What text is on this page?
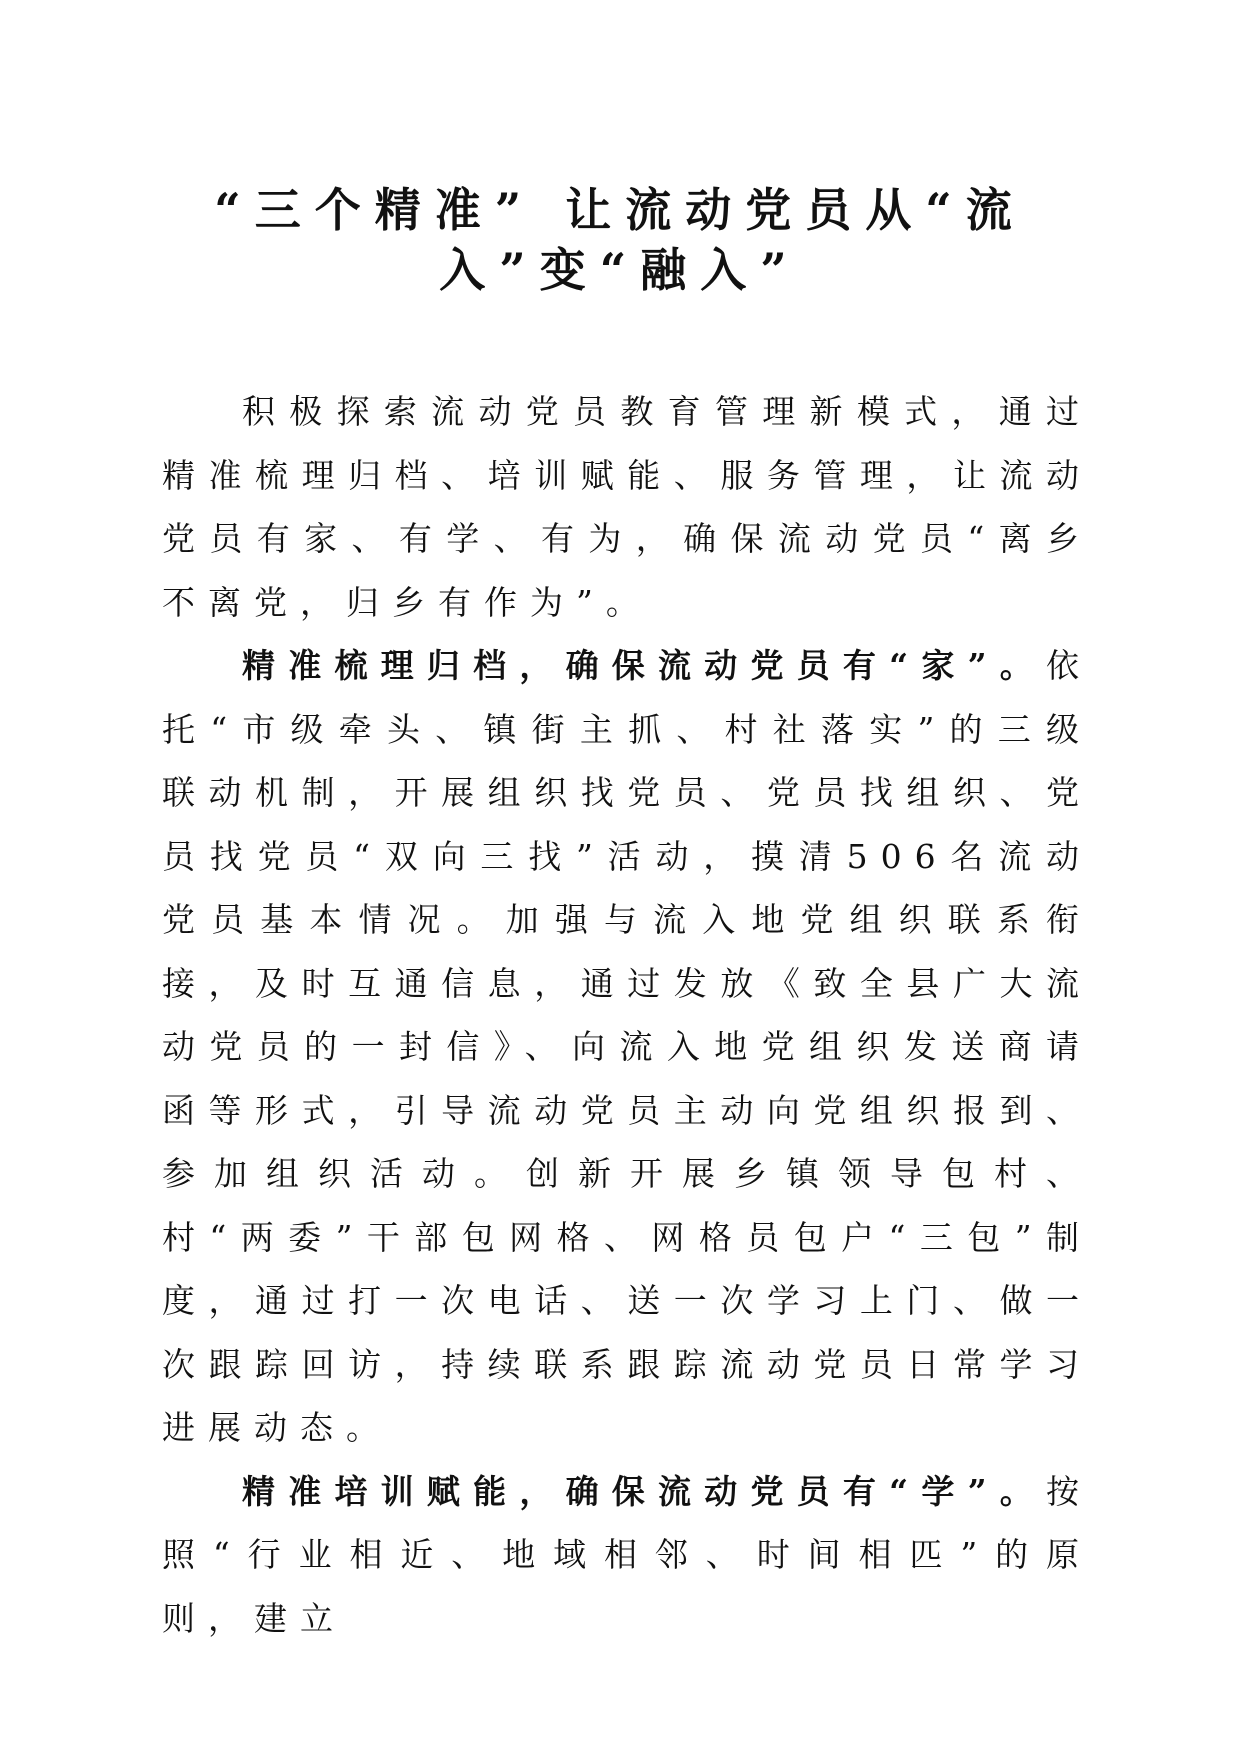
“三个精准” 让流动党员从“流
入”变“融入”

积极探索流动党员教育管理新模式，通过精准梳理归档、培训赋能、服务管理，让流动党员有家、有学、有为，确保流动党员“离乡不离党，归乡有作为”。

精准梳理归档，确保流动党员有“家”。依托“市级牵头、镇街主抓、村社落实”的三级联动机制，开展组织找党员、党员找组织、党员找党员“双向三找”活动，摸清506名流动党员基本情况。加强与流入地党组织联系衔接，及时互通信息，通过发放《致全县广大流动党员的一封信》、向流入地党组织发送商请函等形式，引导流动党员主动向党组织报到、参加组织活动。创新开展乡镇领导包村、村“两委”干部包网格、网格员包户“三包”制度，通过打一次电话、送一次学习上门、做一次跟踪回访，持续联系跟踪流动党员日常学习进展动态。

精准培训赋能，确保流动党员有“学”。按照“行业相近、地域相邻、时间相匹”的原则，建立
